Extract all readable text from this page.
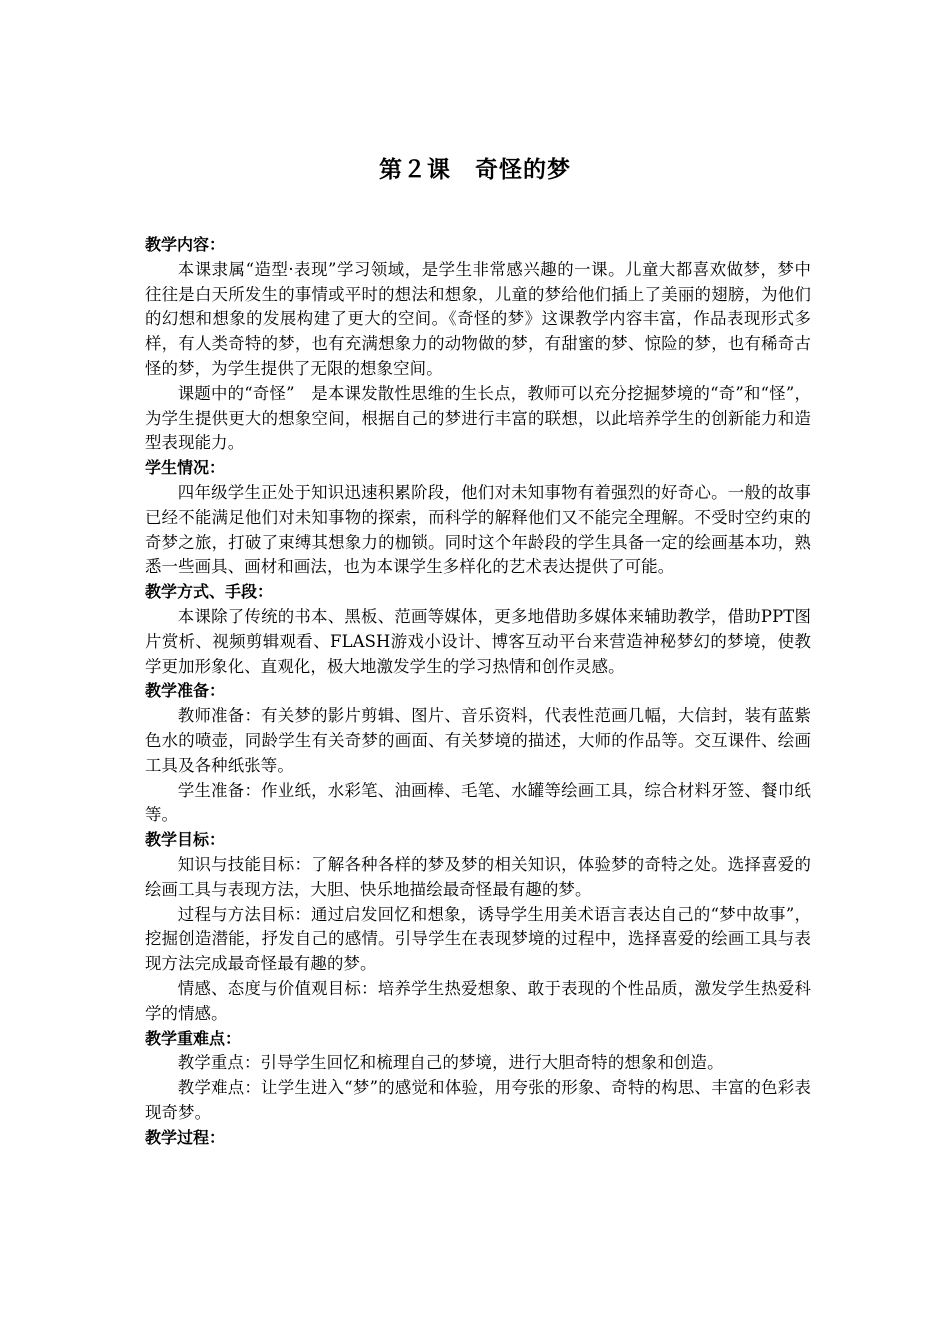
第２课　奇怪的梦

教学内容：

本课隶属“造型·表现”学习领域，是学生非常感兴趣的一课。儿童大都喜欢做梦，梦中往往是白天所发生的事情或平时的想法和想象，儿童的梦给他们插上了美丽的翅膀，为他们的幻想和想象的发展构建了更大的空间。《奇怪的梦》这课教学内容丰富，作品表现形式多样，有人类奇特的梦，也有充满想象力的动物做的梦，有甜蜜的梦、惊险的梦，也有稀奇古怪的梦，为学生提供了无限的想象空间。

课题中的“奇怪”　是本课发散性思维的生长点，教师可以充分挖掘梦境的“奇”和“怪”，为学生提供更大的想象空间，根据自己的梦进行丰富的联想，以此培养学生的创新能力和造型表现能力。

学生情况：

四年级学生正处于知识迅速积累阶段，他们对未知事物有着强烈的好奇心。一般的故事已经不能满足他们对未知事物的探索，而科学的解释他们又不能完全理解。不受时空约束的奇梦之旅，打破了束缚其想象力的枷锁。同时这个年龄段的学生具备一定的绘画基本功，熟悉一些画具、画材和画法，也为本课学生多样化的艺术表达提供了可能。

教学方式、手段：

本课除了传统的书本、黑板、范画等媒体，更多地借助多媒体来辅助教学，借助PPT图片赏析、视频剪辑观看、FLASH游戏小设计、博客互动平台来营造神秘梦幻的梦境，使教学更加形象化、直观化，极大地激发学生的学习热情和创作灵感。

教学准备：

教师准备：有关梦的影片剪辑、图片、音乐资料，代表性范画几幅，大信封，装有蓝紫色水的喷壶，同龄学生有关奇梦的画面、有关梦境的描述，大师的作品等。交互课件、绘画工具及各种纸张等。

学生准备：作业纸，水彩笔、油画棒、毛笔、水罐等绘画工具，综合材料牙签、餐巾纸等。

教学目标：

知识与技能目标：了解各种各样的梦及梦的相关知识，体验梦的奇特之处。选择喜爱的绘画工具与表现方法，大胆、快乐地描绘最奇怪最有趣的梦。

过程与方法目标：通过启发回忆和想象，诱导学生用美术语言表达自己的“梦中故事”，挖掘创造潜能，抒发自己的感情。引导学生在表现梦境的过程中，选择喜爱的绘画工具与表现方法完成最奇怪最有趣的梦。

情感、态度与价值观目标：培养学生热爱想象、敢于表现的个性品质，激发学生热爱科学的情感。

教学重难点：

教学重点：引导学生回忆和梳理自己的梦境，进行大胆奇特的想象和创造。

教学难点：让学生进入“梦”的感觉和体验，用夸张的形象、奇特的构思、丰富的色彩表现奇梦。

教学过程：
